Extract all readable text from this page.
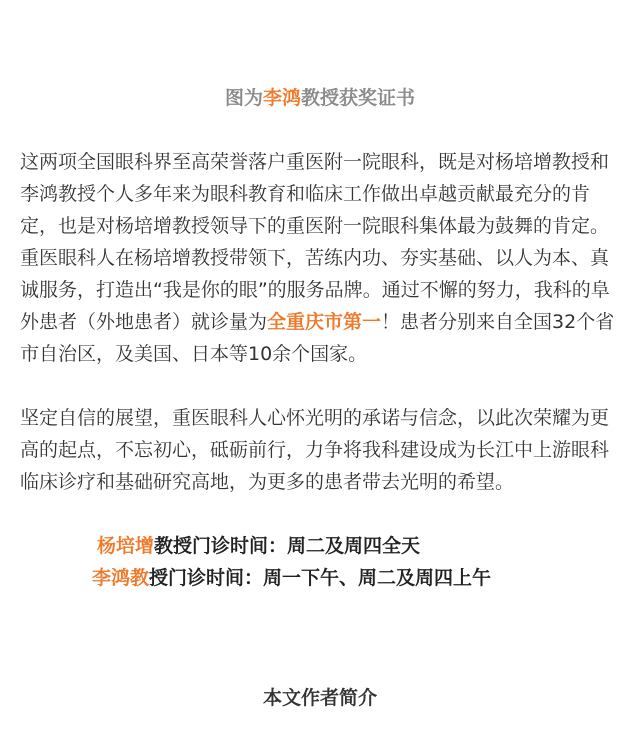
图为李鸿教授获奖证书

这两项全国眼科界至高荣誉落户重医附一院眼科，既是对杨培增教授和李鸿教授个人多年来为眼科教育和临床工作做出卓越贡献最充分的肯定，也是对杨培增教授领导下的重医附一院眼科集体最为鼓舞的肯定。重医眼科人在杨培增教授带领下，苦练内功、夯实基础、以人为本、真诚服务，打造出“我是你的眼”的服务品牌。通过不懈的努力，我科的阜外患者（外地患者）就诊量为全重庆市第一！患者分别来自全国32个省市自治区，及美国、日本等10余个国家。

坚定自信的展望，重医眼科人心怀光明的承诺与信念，以此次荣耀为更高的起点，不忘初心，砥砺前行，力争将我科建设成为长江中上游眼科临床诊疗和基础研究高地，为更多的患者带去光明的希望。

杨培增教授门诊时间：周二及周四全天
李鸿教授门诊时间：周一下午、周二及周四上午
本文作者简介
